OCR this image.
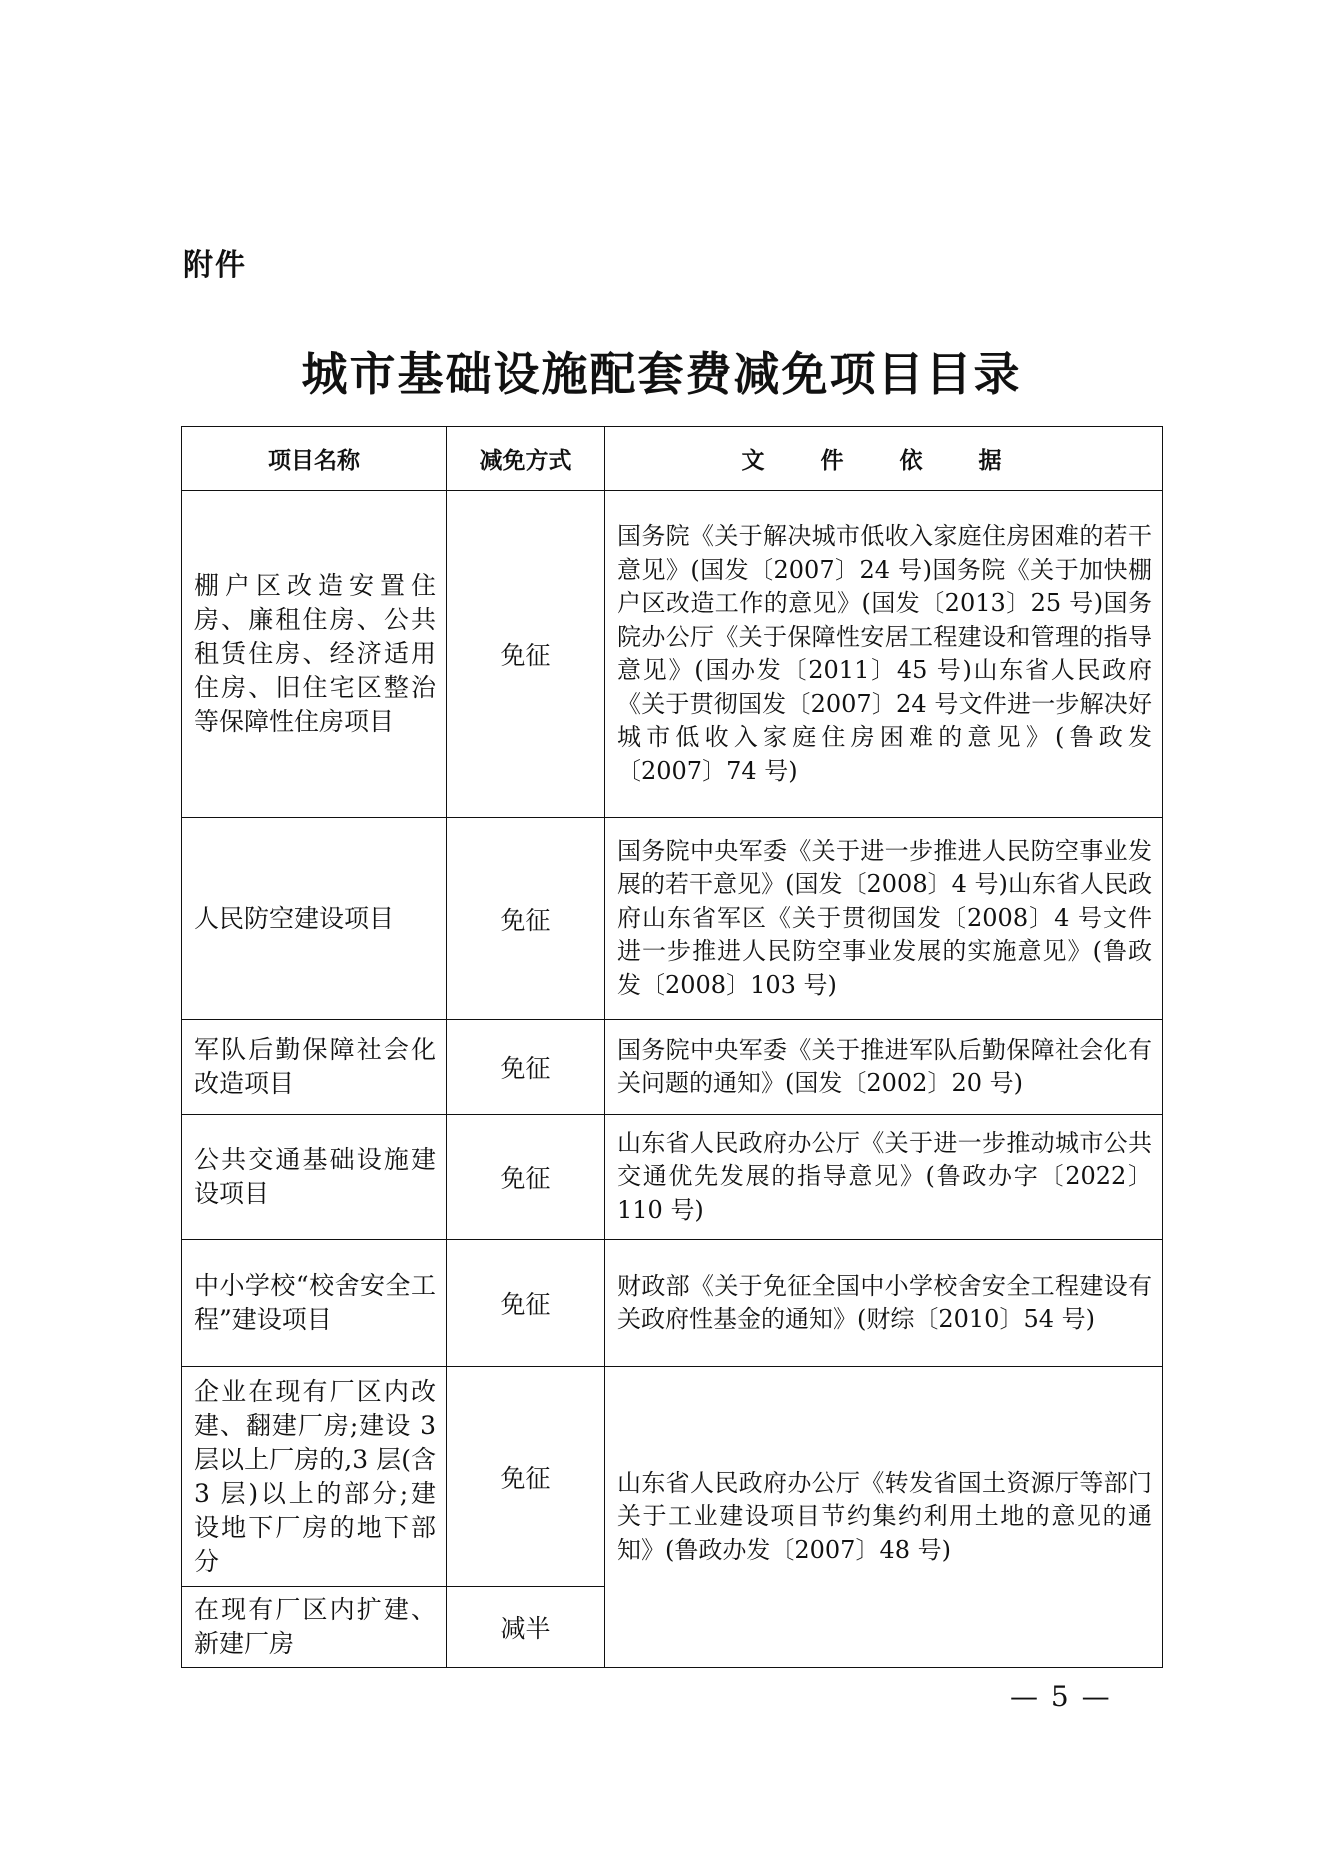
附件
城市基础设施配套费减免项目目录
项目名称	减免方式	文 件 依 据
棚户区改造安置住房、廉租住房、公共租赁住房、经济适用住房、旧住宅区整治等保障性住房项目	免征	国务院《关于解决城市低收入家庭住房困难的若干意见》(国发〔2007〕24 号)国务院《关于加快棚户区改造工作的意见》(国发〔2013〕25 号)国务院办公厅《关于保障性安居工程建设和管理的指导意见》(国办发〔2011〕45 号)山东省人民政府《关于贯彻国发〔2007〕24 号文件进一步解决好城市低收入家庭住房困难的意见》(鲁政发〔2007〕74 号)
人民防空建设项目	免征	国务院中央军委《关于进一步推进人民防空事业发展的若干意见》(国发〔2008〕4 号)山东省人民政府山东省军区《关于贯彻国发〔2008〕4 号文件进一步推进人民防空事业发展的实施意见》(鲁政发〔2008〕103 号)
军队后勤保障社会化改造项目	免征	国务院中央军委《关于推进军队后勤保障社会化有关问题的通知》(国发〔2002〕20 号)
公共交通基础设施建设项目	免征	山东省人民政府办公厅《关于进一步推动城市公共交通优先发展的指导意见》(鲁政办字〔2022〕110 号)
中小学校“校舍安全工程”建设项目	免征	财政部《关于免征全国中小学校舍安全工程建设有关政府性基金的通知》(财综〔2010〕54 号)
企业在现有厂区内改建、翻建厂房;建设 3 层以上厂房的,3 层(含 3 层)以上的部分;建设地下厂房的地下部分	免征	山东省人民政府办公厅《转发省国土资源厅等部门关于工业建设项目节约集约利用土地的意见的通知》(鲁政办发〔2007〕48 号)
在现有厂区内扩建、新建厂房	减半	
— 5 —
